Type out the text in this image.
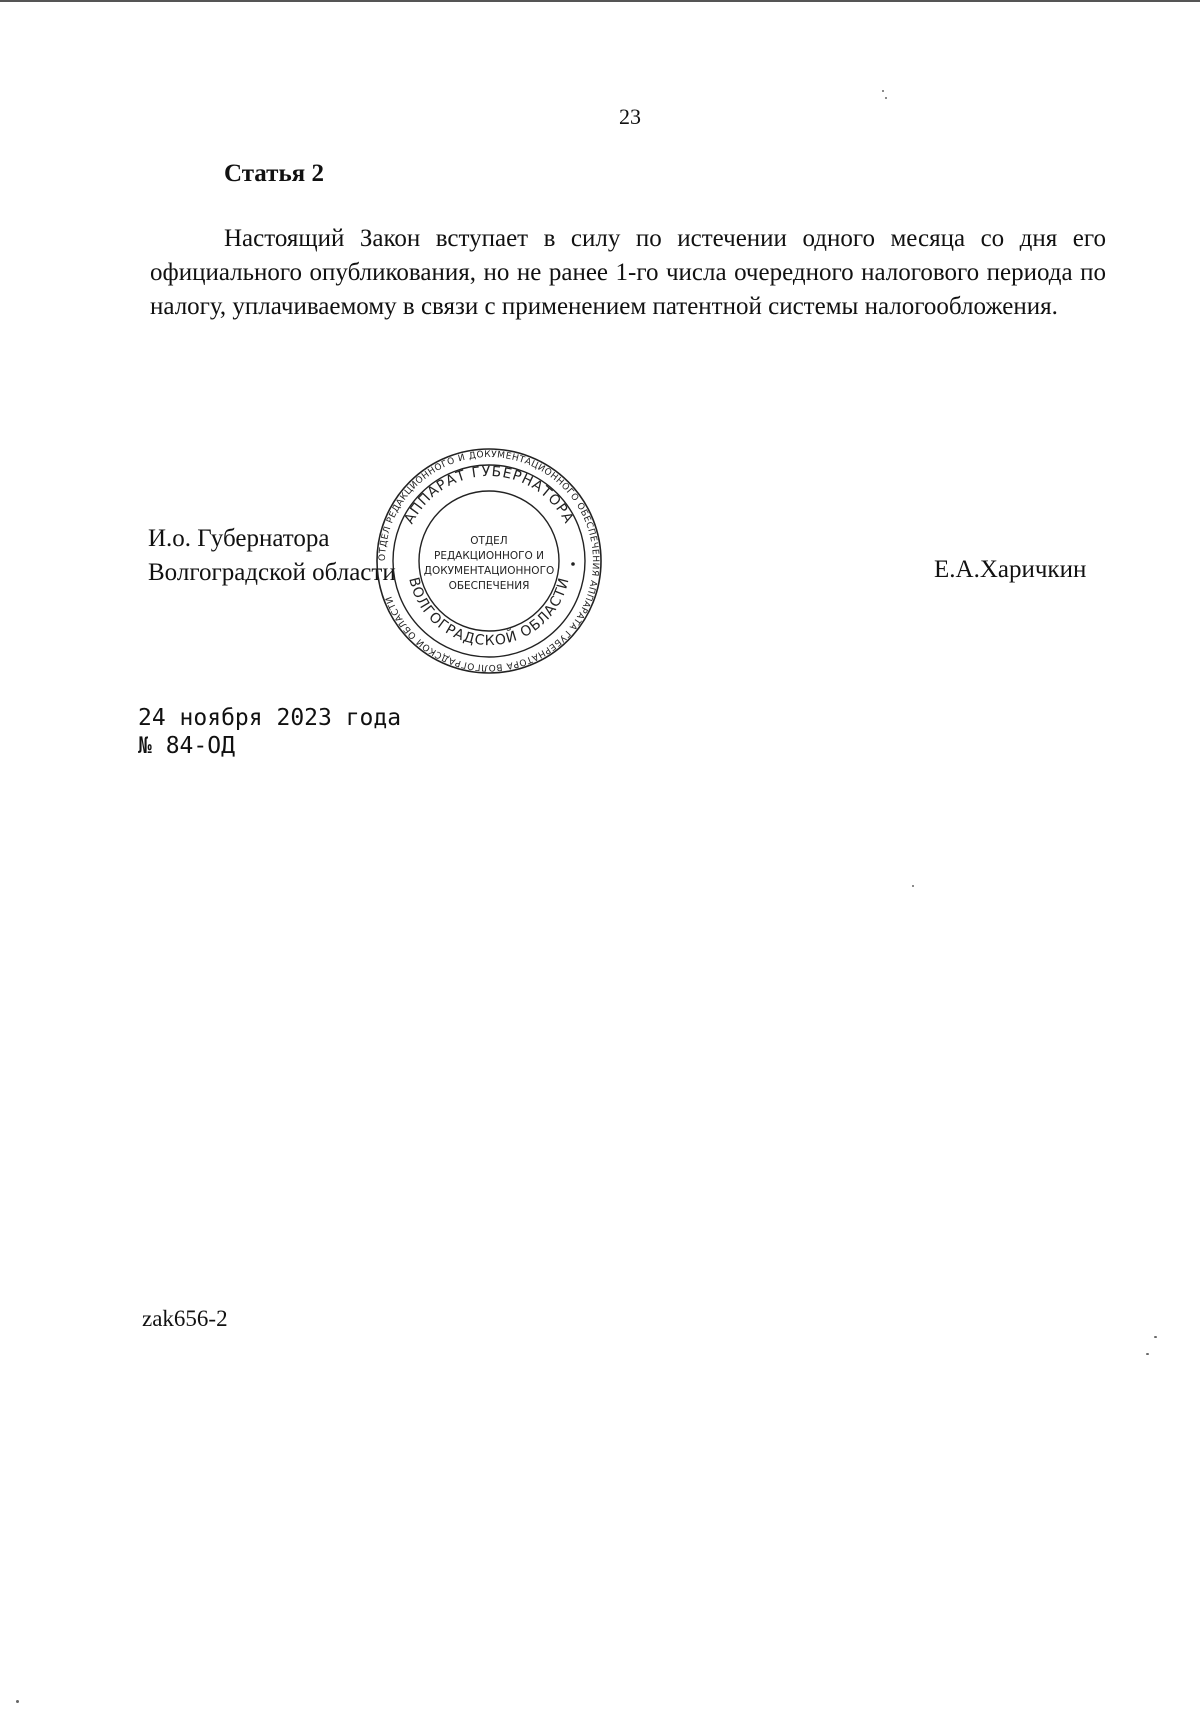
23
Статья 2

Настоящий Закон вступает в силу по истечении одного месяца со дня его официального опубликования, но не ранее 1-го числа очередного налогового периода по налогу, уплачиваемому в связи с применением патентной системы налогообложения.

И.о. Губернатора
Волгоградской области
ОТДЕЛ РЕДАКЦИОННОГО И ДОКУМЕНТАЦИОННОГО ОБЕСПЕЧЕНИЯ АППАРАТА ГУБЕРНАТОРА ВОЛГОГРАДСКОЙ ОБЛАСТИ
АППАРАТ ГУБЕРНАТОРА
ВОЛГОГРАДСКОЙ ОБЛАСТИ
ОТДЕЛ
РЕДАКЦИОННОГО И
ДОКУМЕНТАЦИОННОГО
ОБЕСПЕЧЕНИЯ
Е.А.Харичкин
24 ноября 2023 года
№ 84-ОД
zak656-2
